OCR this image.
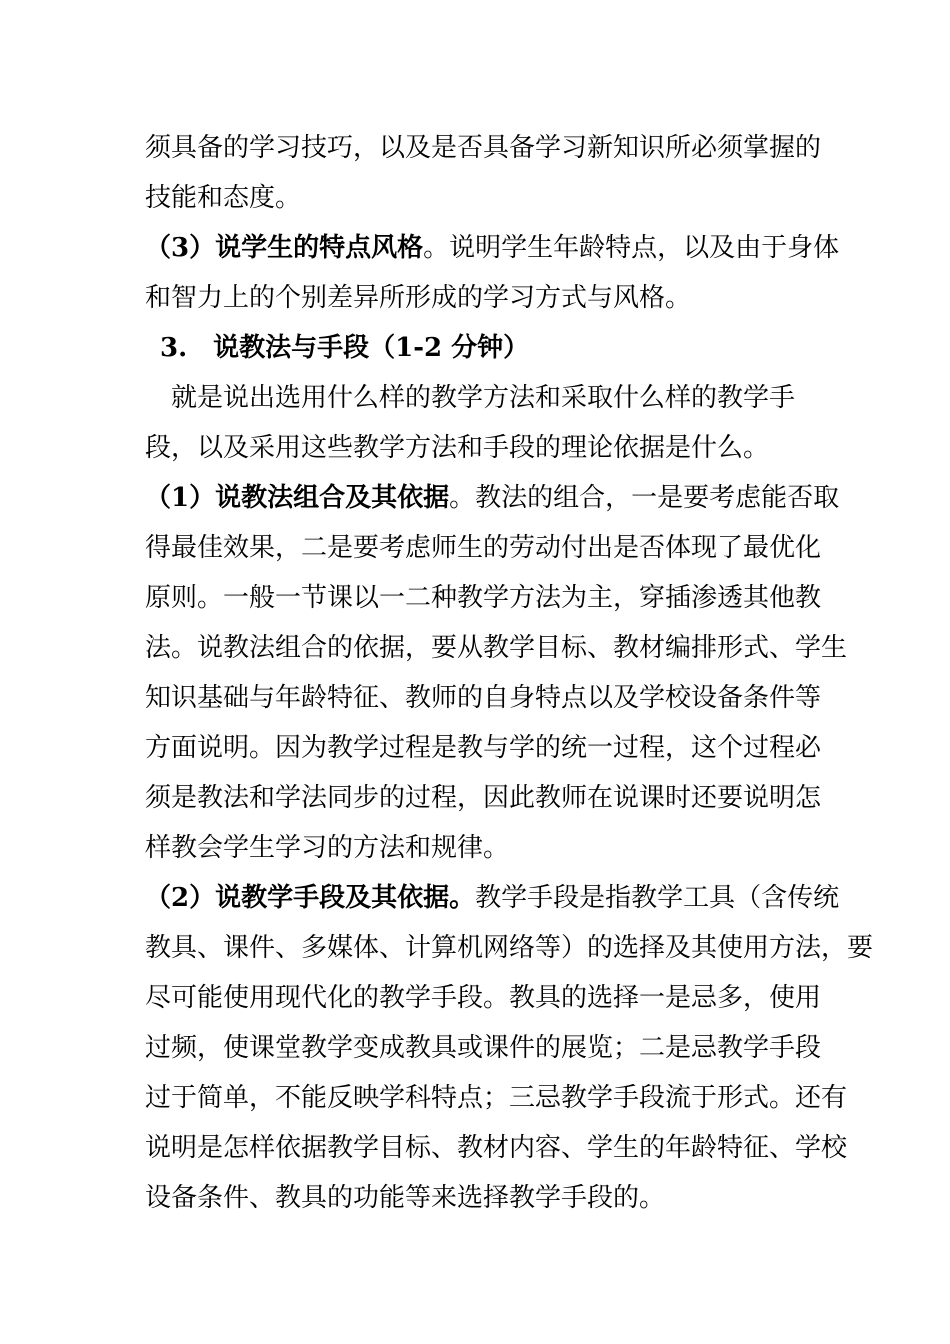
须具备的学习技巧，以及是否具备学习新知识所必须掌握的
技能和态度。
（3）说学生的特点风格。说明学生年龄特点，以及由于身体
和智力上的个别差异所形成的学习方式与风格。
3.　说教法与手段（1-2 分钟）
就是说出选用什么样的教学方法和采取什么样的教学手
段，以及采用这些教学方法和手段的理论依据是什么。
（1）说教法组合及其依据。教法的组合，一是要考虑能否取
得最佳效果，二是要考虑师生的劳动付出是否体现了最优化
原则。一般一节课以一二种教学方法为主，穿插渗透其他教
法。说教法组合的依据，要从教学目标、教材编排形式、学生
知识基础与年龄特征、教师的自身特点以及学校设备条件等
方面说明。因为教学过程是教与学的统一过程，这个过程必
须是教法和学法同步的过程，因此教师在说课时还要说明怎
样教会学生学习的方法和规律。
（2）说教学手段及其依据。教学手段是指教学工具（含传统
教具、课件、多媒体、计算机网络等）的选择及其使用方法，要
尽可能使用现代化的教学手段。教具的选择一是忌多，使用
过频，使课堂教学变成教具或课件的展览；二是忌教学手段
过于简单，不能反映学科特点；三忌教学手段流于形式。还有
说明是怎样依据教学目标、教材内容、学生的年龄特征、学校
设备条件、教具的功能等来选择教学手段的。
